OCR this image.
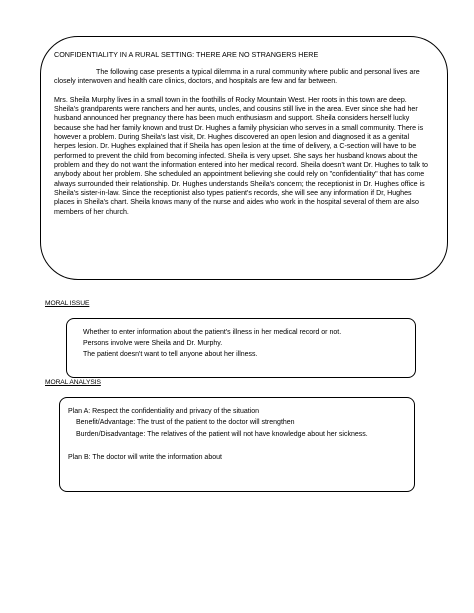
CONFIDENTIALITY IN A RURAL SETTING: THERE ARE NO STRANGERS HERE

The following case presents a typical dilemma in a rural community where public and personal lives are closely interwoven and health care clinics, doctors, and hospitals are few and far between.

Mrs. Sheila Murphy lives in a small town in the foothills of Rocky Mountain West. Her roots in this town are deep. Sheila's grandparents were ranchers and her aunts, uncles, and cousins still live in the area. Ever since she had her husband announced her pregnancy there has been much enthusiasm and support. Sheila considers herself lucky because she had her family known and trust Dr. Hughes a family physician who serves in a small community. There is however a problem. During Sheila's last visit, Dr. Hughes discovered an open lesion and diagnosed it as a genital herpes lesion. Dr. Hughes explained that if Sheila has open lesion at the time of delivery, a C-section will have to be performed to prevent the child from becoming infected. Sheila is very upset. She says her husband knows about the problem and they do not want the information entered into her medical record. Sheila doesn't want Dr. Hughes to talk to anybody about her problem. She scheduled an appointment believing she could rely on "confidentiality" that has come always surrounded their relationship. Dr. Hughes understands Sheila's concern; the receptionist in Dr. Hughes office is Sheila's sister-in-law. Since the receptionist also types patient's records, she will see any information if Dr, Hughes places in Sheila's chart. Sheila knows many of the nurse and aides who work in the hospital several of them are also members of her church.

MORAL ISSUE
Whether to enter information about the patient's illness in her medical record or not.
Persons involve were Sheila and Dr. Murphy.
The patient doesn't want to tell anyone about her illness.
MORAL ANALYSIS
Plan A: Respect the confidentiality and privacy of the situation
Benefit/Advantage: The trust of the patient to the doctor will strengthen
Burden/Disadvantage: The relatives of the patient will not have knowledge about her sickness.
Plan B: The doctor will write the information about
